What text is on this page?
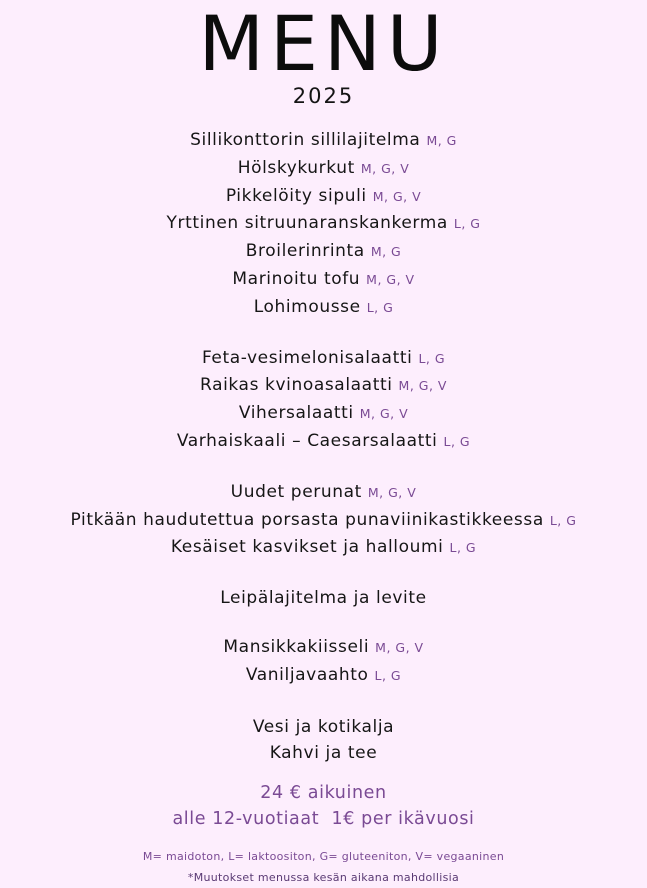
MENU
2025
Sillikonttorin sillilajitelma M, G
Hölskykurkut M, G, V
Pikkelöity sipuli M, G, V
Yrttinen sitruunaranskankerma L, G
Broilerinrinta M, G
Marinoitu tofu M, G, V
Lohimousse L, G
Feta-vesimelonisalaatti L, G
Raikas kvinoasalaatti M, G, V
Vihersalaatti M, G, V
Varhaiskaali – Caesarsalaatti L, G
Uudet perunat M, G, V
Pitkään haudutettua porsasta punaviinikastikkeessa L, G
Kesäiset kasvikset ja halloumi L, G
Leipälajitelma ja levite
Mansikkakiisseli M, G, V
Vaniljavaahto L, G
Vesi ja kotikalja
Kahvi ja tee
24 € aikuinen
alle 12-vuotiaat  1€ per ikävuosi
M= maidoton, L= laktoositon, G= gluteeniton, V= vegaaninen
*Muutokset menussa kesän aikana mahdollisia
